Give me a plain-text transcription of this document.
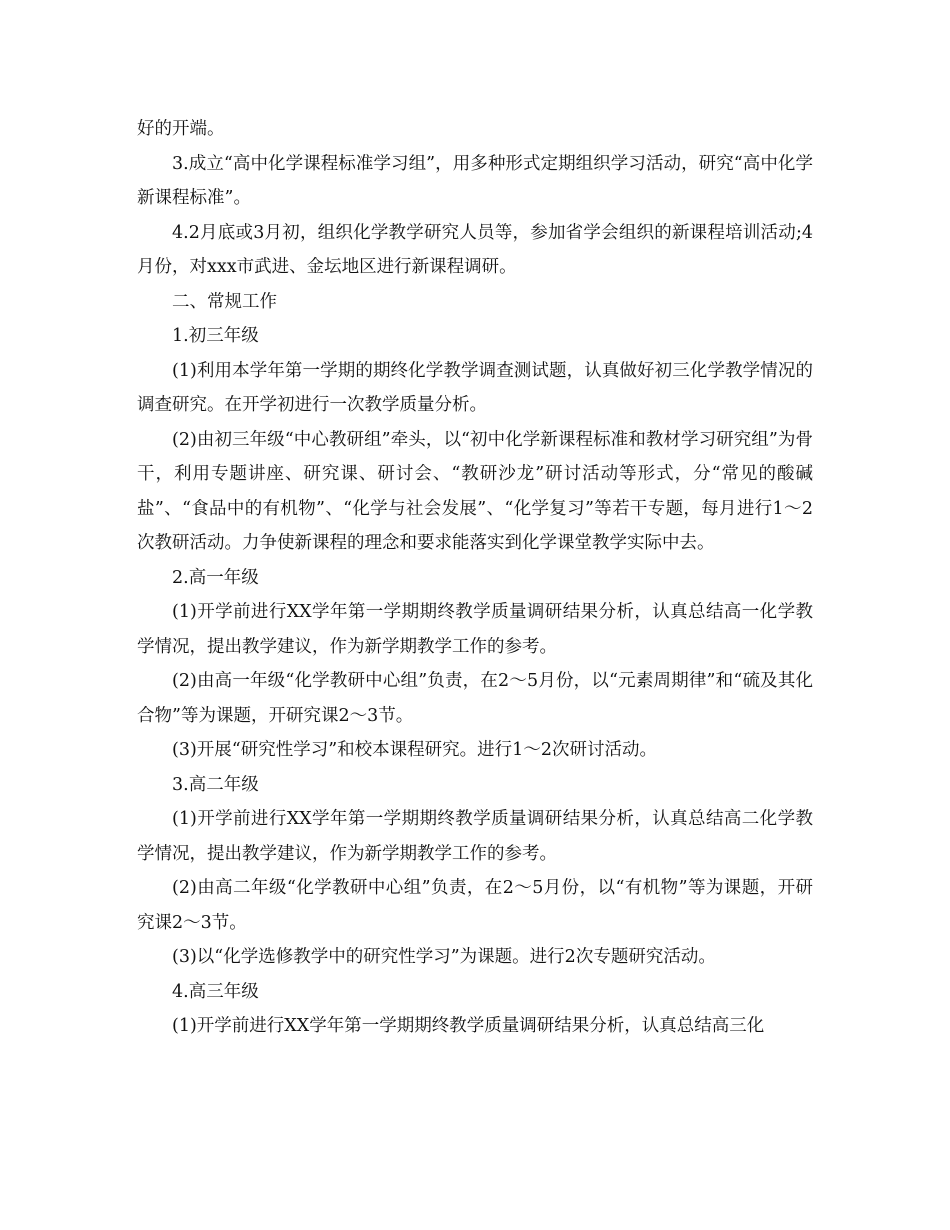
好的开端。

3.成立“高中化学课程标准学习组”，用多种形式定期组织学习活动，研究“高中化学新课程标准”。

4.2月底或3月初，组织化学教学研究人员等，参加省学会组织的新课程培训活动;4月份，对xxx市武进、金坛地区进行新课程调研。

二、常规工作

1.初三年级

(1)利用本学年第一学期的期终化学教学调查测试题，认真做好初三化学教学情况的调查研究。在开学初进行一次教学质量分析。

(2)由初三年级“中心教研组”牵头，以“初中化学新课程标准和教材学习研究组”为骨干，利用专题讲座、研究课、研讨会、“教研沙龙”研讨活动等形式，分“常见的酸碱盐”、“食品中的有机物”、“化学与社会发展”、“化学复习”等若干专题，每月进行1～2次教研活动。力争使新课程的理念和要求能落实到化学课堂教学实际中去。

2.高一年级

(1)开学前进行XX学年第一学期期终教学质量调研结果分析，认真总结高一化学教学情况，提出教学建议，作为新学期教学工作的参考。

(2)由高一年级“化学教研中心组”负责，在2～5月份，以“元素周期律”和“硫及其化合物”等为课题，开研究课2～3节。

(3)开展“研究性学习”和校本课程研究。进行1～2次研讨活动。

3.高二年级

(1)开学前进行XX学年第一学期期终教学质量调研结果分析，认真总结高二化学教学情况，提出教学建议，作为新学期教学工作的参考。

(2)由高二年级“化学教研中心组”负责，在2～5月份，以“有机物”等为课题，开研究课2～3节。

(3)以“化学选修教学中的研究性学习”为课题。进行2次专题研究活动。

4.高三年级

(1)开学前进行XX学年第一学期期终教学质量调研结果分析，认真总结高三化
